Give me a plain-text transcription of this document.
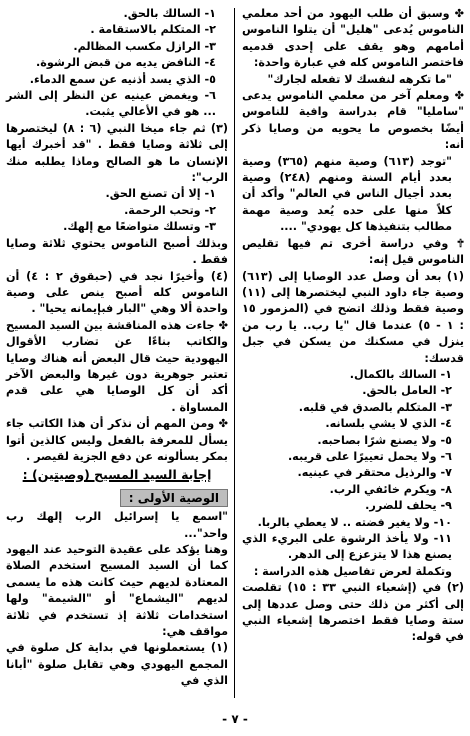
✤ وسبق أن طلب اليهود من أحد معلمي الناموس يُدعى "هليل" أن يتلوا الناموس أمامهم وهو يقف على إحدى قدميه فاختصر الناموس كله في عبارة واحدة:

"ما تكرهه لنفسك لا تفعله لجارك"

✤ ومعلم آخر من معلمي الناموس يدعى "ساملیا" قام بدراسة وافية للناموس أيضًا بخصوص ما يحويه من وصايا ذكر أنه:

"توجد (٦١٣) وصية منهم (٣٦٥) وصية بعدد أيام السنة ومنهم (٢٤٨) وصية بعدد أجيال الناس في العالم" وأكد أن كلاً منها على حده يُعد وصية مهمة مطالب بتنفيذها كل يهودي" ....

🕆 وفي دراسة أخرى تم فيها تقليص الناموس قيل إنه:

(١) بعد أن وصل عدد الوصايا إلى (٦١٣) وصية جاء داود النبي ليختصرها إلى (١١) وصية فقط وذلك اتضح في (المزمور ١٥ : ١ - ٥) عندما قال "يا رب.. يا رب من ينزل في مسكنك من يسكن في جبل قدسك:

١- السالك بالكمال.

٢- العامل بالحق.

٣- المتكلم بالصدق في قلبه.

٤- الذي لا يشي بلسانه.

٥- ولا يصنع شرًا بصاحبه.

٦- ولا يحمل تعييرًا على قريبه.

٧- والرذيل محتقر في عينيه.

٨- ويكرم خائفي الرب.

٩- يحلف للضرر.

١٠- ولا يغير فضته .. لا يعطي بالربا.

١١- ولا يأخذ الرشوة على البريء الذي يصنع هذا لا يتزعزع إلى الدهر.

وتكملة لعرض تفاصيل هذه الدراسة :

(٢) في (إشعياء النبي ٣٣ : ١٥) تقلصت إلى أكثر من ذلك حتى وصل عددها إلى ستة وصايا فقط اختصرها إشعياء النبي في قوله:

١- السالك بالحق.

٢- المتكلم بالاستقامة .

٣- الرازل مكسب المظالم.

٤- النافض يديه من قبض الرشوة.

٥- الذي يسد أذنيه عن سمع الدماء.

٦- ويغمض عينيه عن النظر إلى الشر ... هو في الأعالي يثبت.

(٣) ثم جاء ميخا النبي (٦ : ٨) ليختصرها إلى ثلاثة وصايا فقط . "قد أخبرك أيها الإنسان ما هو الصالح وماذا يطلبه منك الرب":

١- إلا أن تصنع الحق.

٢- وتحب الرحمة.

٣- وتسلك متواضعًا مع إلهك.

وبذلك أصبح الناموس يحتوي ثلاثة وصايا فقط .

(٤) وأخيرًا نجد في (حبقوق ٢ : ٤) أن الناموس كله أصبح ينص على وصية واحدة ألا وهي "البار فبإيمانه يحيا" .

✤ جاءت هذه المناقشة بين السيد المسيح والكاتب بناءًا عن تضارب الأقوال اليهودية حيث قال البعض أنه هناك وصايا تعتبر جوهرية دون غيرها والبعض الآخر أكد أن كل الوصايا هي على قدم المساواة .

✤ ومن المهم أن نذكر أن هذا الكاتب جاء يسأل للمعرفة بالفعل وليس كالذين أتوا بمكر يسألونه عن دفع الجزية لقيصر .

إجابة السيد المسيح (وصيتين) :
الوصية الأولى :

"اسمع يا إسرائيل الرب إلهك رب واحد"...

وهنا يؤكد على عقيدة التوحيد عند اليهود كما أن السيد المسيح استخدم الصلاة المعتادة لديهم حيث كانت هذه ما يسمى لديهم "اليشماع" أو "الشيمة" ولها استخدامات ثلاثة إذ تستخدم في ثلاثة مواقف هي:

(١) يستعملونها في بداية كل صلوة في المجمع اليهودي وهي تقابل صلوة "أبانا الذي في

- ٧ -
